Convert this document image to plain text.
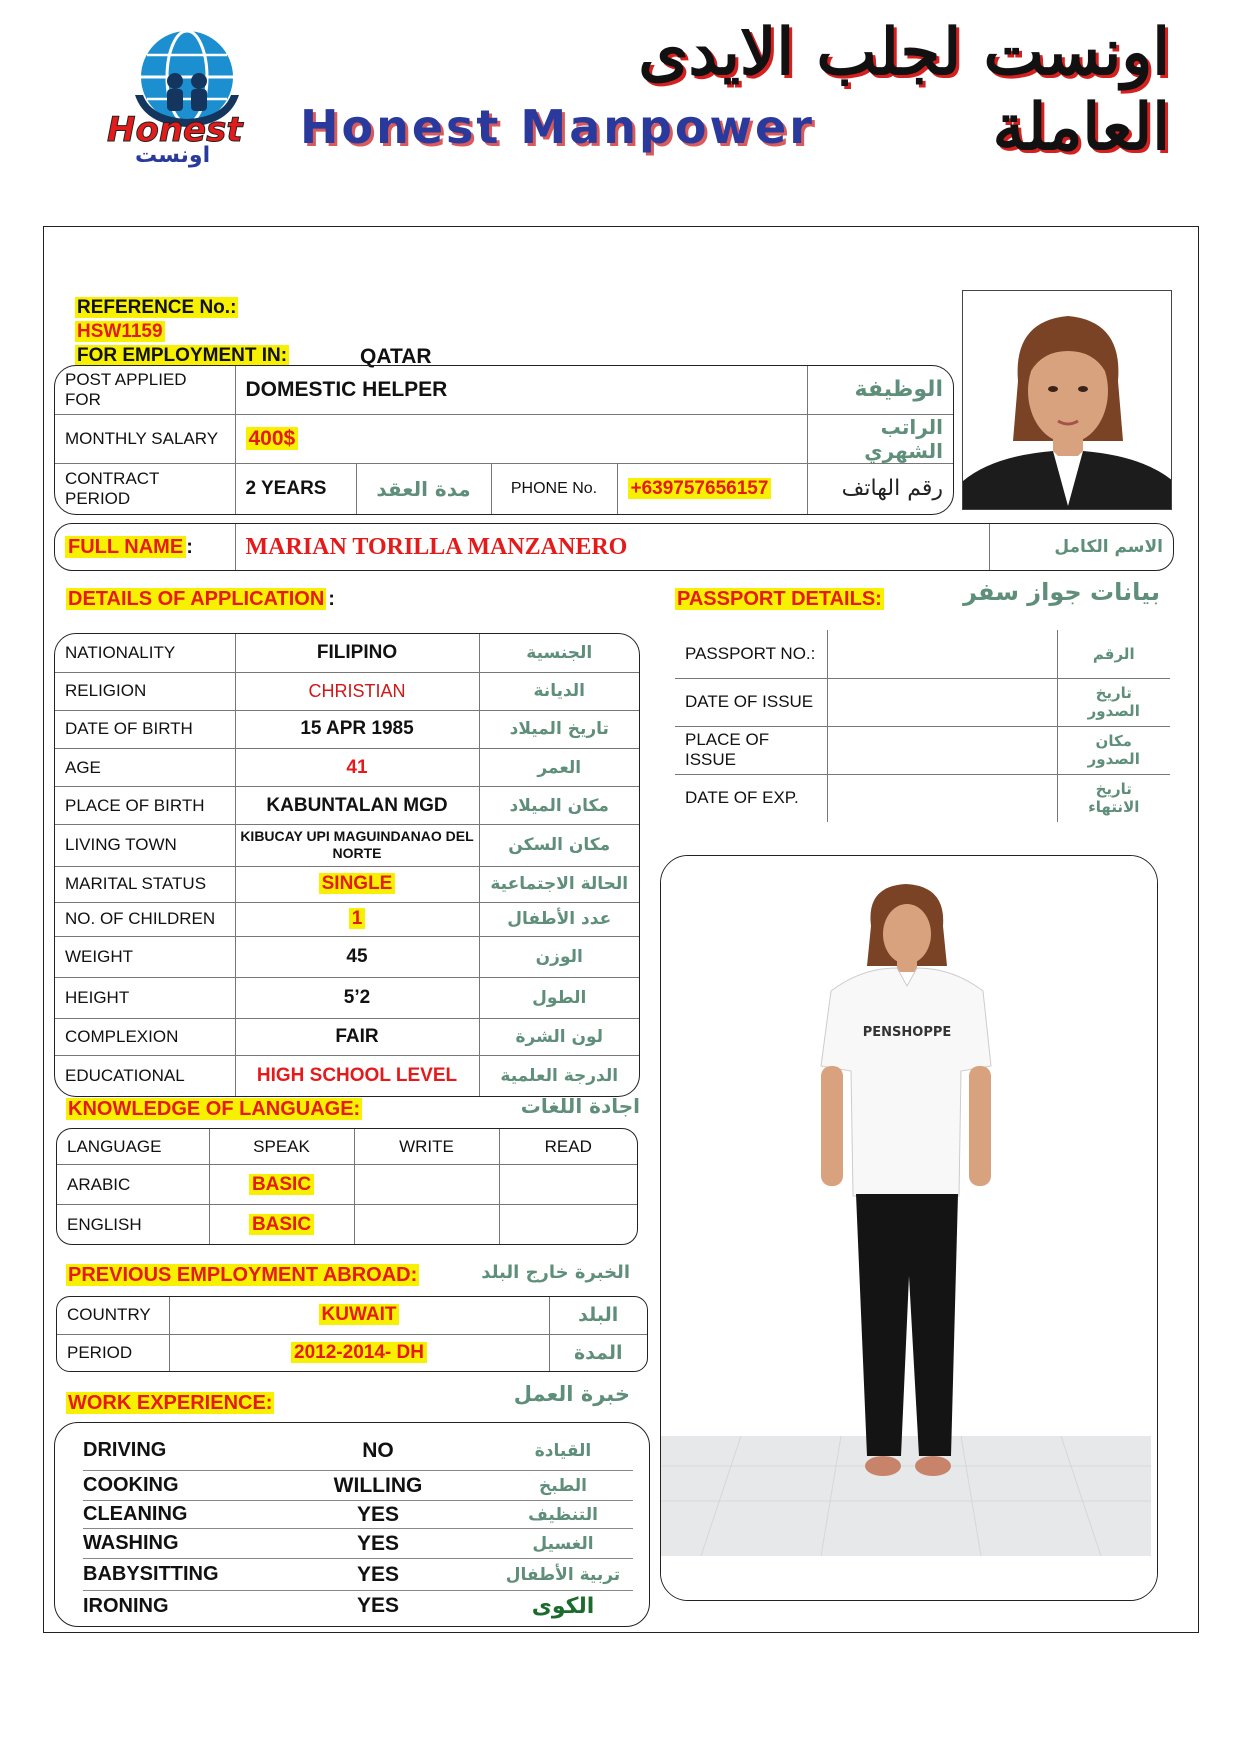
Honest
اونست
اونست لجلب الايدى العاملة
Honest Manpower
REFERENCE No.:
HSW1159
FOR EMPLOYMENT IN:	QATAR
POST APPLIED FOR	DOMESTIC HELPER				الوظيفة
MONTHLY SALARY	400$				الراتب الشهري
CONTRACT PERIOD	2 YEARS	مدة العقد	PHONE No.	+639757656157	رقم الهاتف
FULL NAME :	MARIAN TORILLA MANZANERO	الاسم الكامل
DETAILS OF APPLICATION :	PASSPORT DETAILS:	بيانات جواز سفر
NATIONALITY	FILIPINO	الجنسية
RELIGION	CHRISTIAN	الديانة
DATE OF BIRTH	15 APR 1985	تاريخ الميلاد
AGE	41	العمر
PLACE OF BIRTH	KABUNTALAN MGD	مكان الميلاد
LIVING TOWN	KIBUCAY UPI MAGUINDANAO DEL NORTE	مكان السكن
MARITAL STATUS	SINGLE	الحالة الاجتماعية
NO. OF CHILDREN	1	عدد الأطفال
WEIGHT	45	الوزن
HEIGHT	5’2	الطول
COMPLEXION	FAIR	لون الشرة
EDUCATIONAL	HIGH SCHOOL LEVEL	الدرجة العلمية
PASSPORT NO.:		الرقم
DATE OF ISSUE		تاريخ الصدور
PLACE OF ISSUE		مكان الصدور
DATE OF EXP.		تاريخ الانتهاء
PENSHOPPE
KNOWLEDGE OF LANGUAGE:	اجادة اللغات
LANGUAGE	SPEAK	WRITE	READ
ARABIC	BASIC		
ENGLISH	BASIC		
PREVIOUS EMPLOYMENT ABROAD:	الخبرة خارج البلد
COUNTRY	KUWAIT	البلد
PERIOD	2012-2014- DH	المدة
WORK EXPERIENCE:	خبرة العمل
DRIVING	NO	القيادة
COOKING	WILLING	الطبخ
CLEANING	YES	التنظيف
WASHING	YES	الغسيل
BABYSITTING	YES	تربية الأطفال
IRONING	YES	الكوى
